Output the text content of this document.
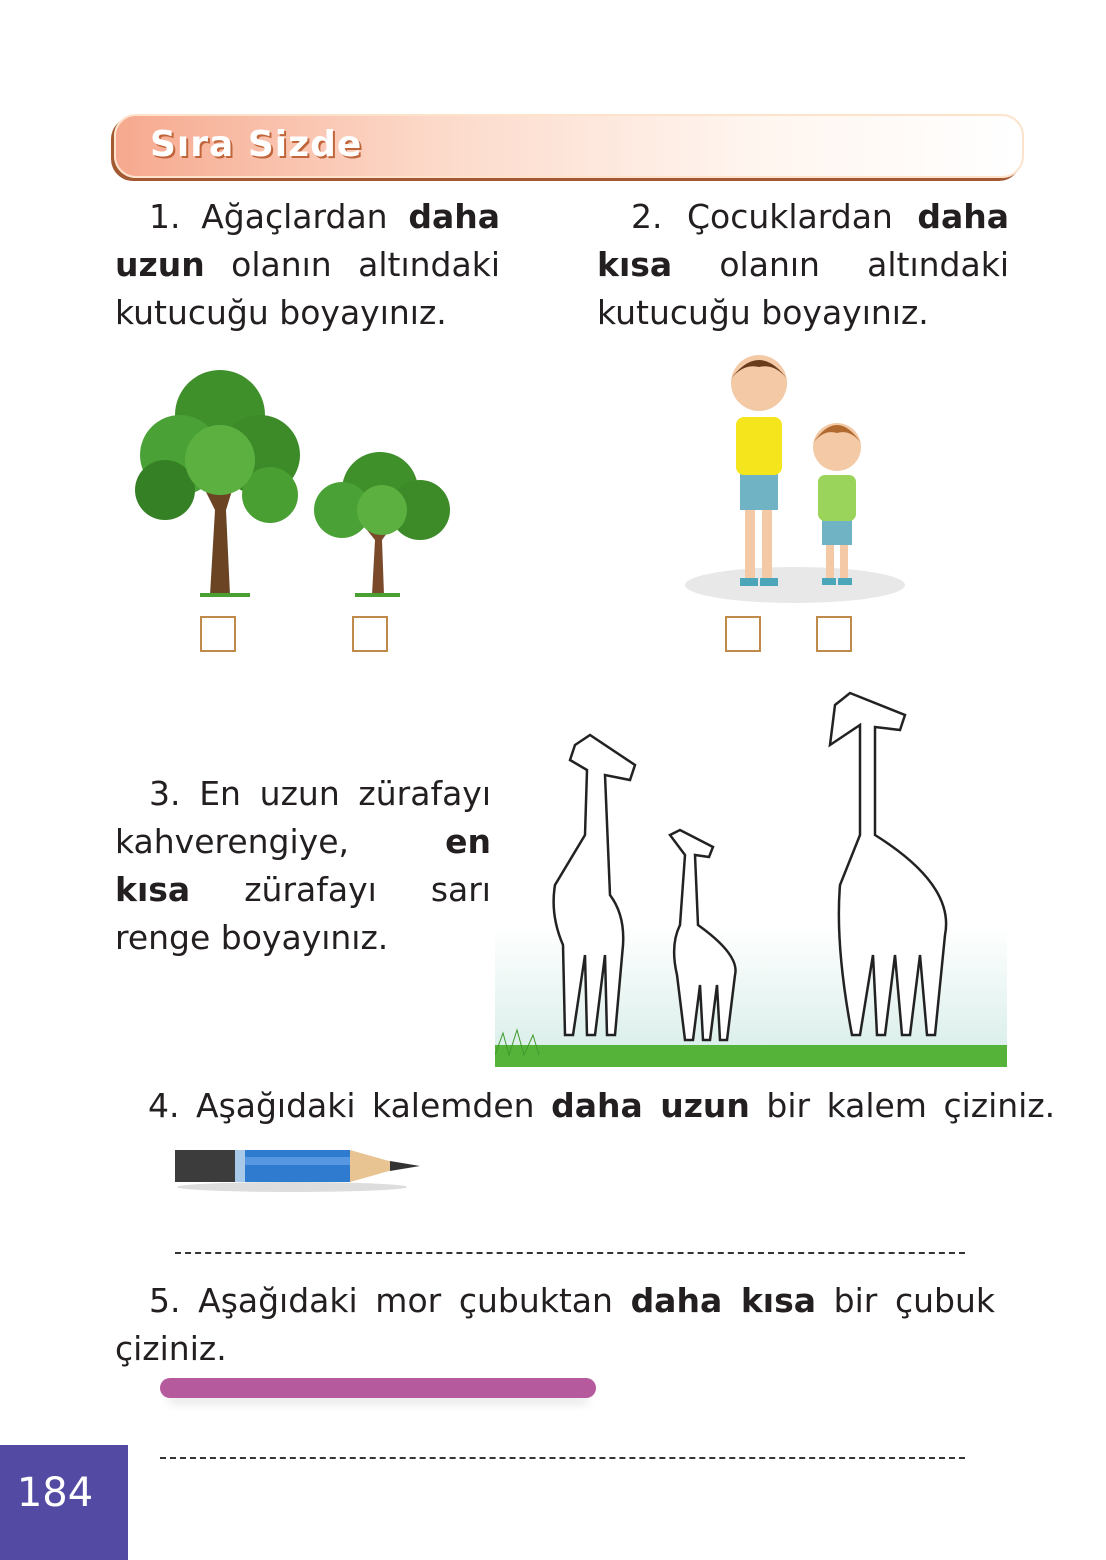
Sıra Sizde
1. Ağaçlardan daha uzun olanın altındaki kutucuğu boyayınız.
2. Çocuklardan daha kısa olanın altındaki kutucuğu boyayınız.
3. En uzun zürafayı kahverengiye,	en kısa zürafayı sarı renge boyayınız.
4. Aşağıdaki kalemden daha uzun bir kalem çiziniz.
5. Aşağıdaki mor çubuktan daha kısa bir çubuk çiziniz.
184
